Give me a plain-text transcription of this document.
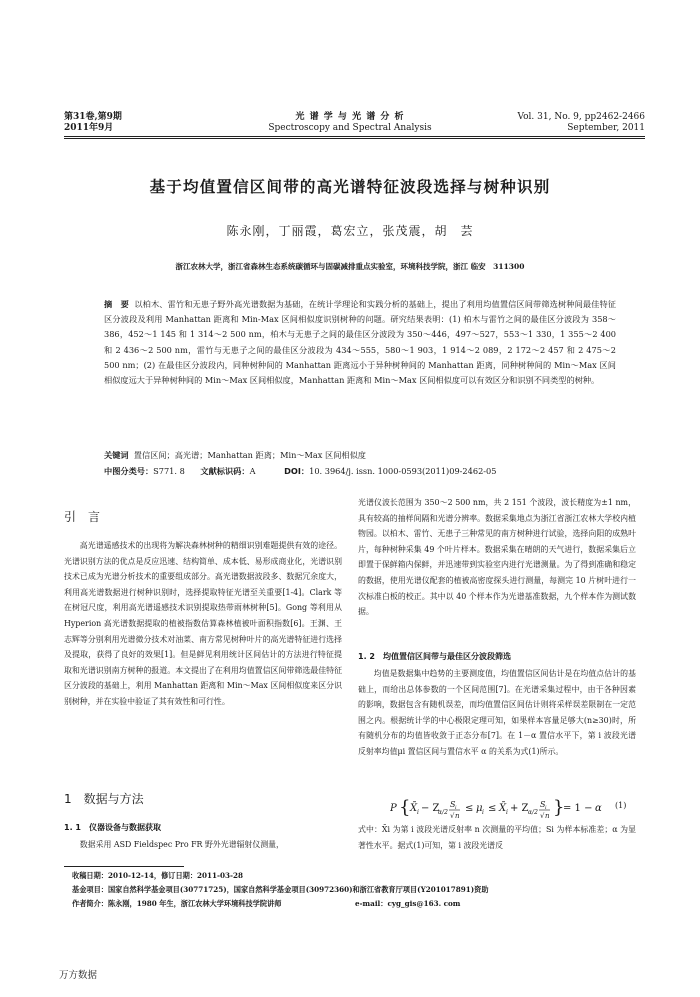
第31卷,第9期
2011年9月
光 谱 学 与 光 谱 分 析
Spectroscopy and Spectral Analysis
Vol. 31, No. 9, pp2462-2466
September, 2011
基于均值置信区间带的高光谱特征波段选择与树种识别
陈永刚，丁丽霞，葛宏立，张茂震，胡　芸
浙江农林大学，浙江省森林生态系统碳循环与固碳减排重点实验室，环境科技学院，浙江 临安　311300
摘　要 以柏木、雷竹和无患子野外高光谱数据为基础，在统计学理论和实践分析的基础上，提出了利用均值置信区间带筛选树种间最佳特征区分波段及利用 Manhattan 距离和 Min-Max 区间相似度识别树种的问题。研究结果表明：(1) 柏木与雷竹之间的最佳区分波段为 358～386，452～1 145 和 1 314～2 500 nm，柏木与无患子之间的最佳区分波段为 350～446，497～527，553～1 330，1 355～2 400 和 2 436～2 500 nm，雷竹与无患子之间的最佳区分波段为 434～555，580～1 903，1 914～2 089，2 172～2 457 和 2 475～2 500 nm；(2) 在最佳区分波段内，同种树种间的 Manhattan 距离远小于异种树种间的 Manhattan 距离，同种树种间的 Min～Max 区间相似度远大于异种树种间的 Min～Max 区间相似度，Manhattan 距离和 Min～Max 区间相似度可以有效区分和识别不同类型的树种。
关键词 置信区间；高光谱；Manhattan 距离；Min～Max 区间相似度
中图分类号：S771. 8 文献标识码：A	DOI：10. 3964/j. issn. 1000-0593(2011)09-2462-05
引　言

高光谱遥感技术的出现将为解决森林树种的精细识别难题提供有效的途径。光谱识别方法的优点是反应迅速、结构简单、成本低、易形成商业化，光谱识别技术已成为光谱分析技术的重要组成部分。高光谱数据波段多、数据冗余度大，利用高光谱数据进行树种识别时，选择提取特征光谱至关重要[1-4]。Clark 等在树冠尺度，利用高光谱遥感技术识别提取热带雨林树种[5]。Gong 等利用从 Hyperion 高光谱数据提取的植被指数估算森林植被叶面积指数[6]。王渊、王志辉等分别利用光谱微分技术对油菜、南方常见树种叶片的高光谱特征进行选择及提取，获得了良好的效果[1]。但是鲜见利用统计区间估计的方法进行特征提取和光谱识别南方树种的报道。本文提出了在利用均值置信区间带筛选最佳特征区分波段的基础上，利用 Manhattan 距离和 Min～Max 区间相似度来区分识别树种，并在实验中验证了其有效性和可行性。

1　数据与方法
1. 1　仪器设备与数据获取

数据采用 ASD Fieldspec Pro FR 野外光谱辐射仪测量，

光谱仪波长范围为 350～2 500 nm，共 2 151 个波段，波长精度为±1 nm，具有较高的抽样间隔和光谱分辨率。数据采集地点为浙江省浙江农林大学校内植物园。以柏木、雷竹、无患子三种常见的南方树种进行试验，选择向阳的成熟叶片，每种树种采集 49 个叶片样本。数据采集在晴朗的天气进行，数据采集后立即置于保鲜箱内保鲜，并迅速带到实验室内进行光谱测量。为了得到准确和稳定的数据，使用光谱仪配套的植被高密度探头进行测量，每测完 10 片树叶进行一次标准白板的校正。其中以 40 个样本作为光谱基准数据，九个样本作为测试数据。

1. 2　均值置信区间带与最佳区分波段筛选

均值是数据集中趋势的主要测度值，均值置信区间估计是在均值点估计的基础上，而给出总体参数的一个区间范围[7]。在光谱采集过程中，由于各种因素的影响，数据包含有随机误差，而均值置信区间估计则将采样误差限制在一定范围之内。根据统计学的中心极限定理可知，如果样本容量足够大(n≥30)时，所有随机分布的均值皆收敛于正态分布[7]。在 1－α 置信水平下，第 i 波段光谱反射率均值μi 置信区间与置信水平 α 的关系为式(1)所示。

P { X̄ i − Z
α/2
S i
√ n
≤ μ i ≤ X̄ i + Z α/2
S i
√ n }
= 1 − α (1)

式中：X̄i 为第 i 波段光谱反射率 n 次测量的平均值；Si 为样本标准差；α 为显著性水平。据式(1)可知，第 i 波段光谱反

收稿日期：2010-12-14，修订日期：2011-03-28
基金项目：国家自然科学基金项目(30771725)，国家自然科学基金项目(30972360)和浙江省教育厅项目(Y201017891)资助
作者简介：陈永刚，1980 年生，浙江农林大学环境科技学院讲师	e-mail：cyg_gis@163. com
万方数据
